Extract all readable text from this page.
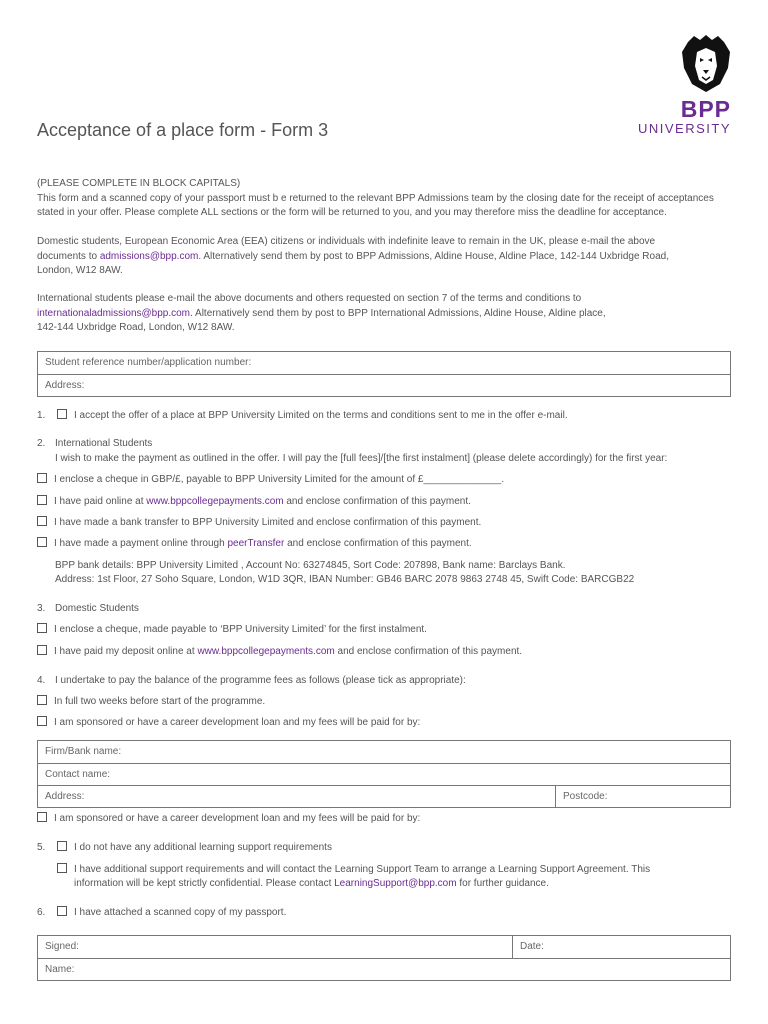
BPP
UNIVERSITY
Acceptance of a place form - Form 3
(PLEASE COMPLETE IN BLOCK CAPITALS)
This form and a scanned copy of your passport must b e returned to the relevant BPP Admissions team by the closing date for the receipt of acceptances
stated in your offer. Please complete ALL sections or the form will be returned to you, and you may therefore miss the deadline for acceptance.
Domestic students, European Economic Area (EEA) citizens or individuals with indefinite leave to remain in the UK, please e-mail the above
documents to admissions@bpp.com. Alternatively send them by post to BPP Admissions, Aldine House, Aldine Place, 142-144 Uxbridge Road,
London, W12 8AW.
International students please e-mail the above documents and others requested on section 7 of the terms and conditions to
internationaladmissions@bpp.com. Alternatively send them by post to BPP International Admissions, Aldine House, Aldine place,
142-144 Uxbridge Road, London, W12 8AW.
Student reference number/application number:
Address:
1.	I accept the offer of a place at BPP University Limited on the terms and conditions sent to me in the offer e-mail.
2. International Students
I wish to make the payment as outlined in the offer. I will pay the [full fees]/[the first instalment] (please delete accordingly) for the first year:
I enclose a cheque in GBP/£, payable to BPP University Limited for the amount of £______________.
I have paid online at www.bppcollegepayments.com and enclose confirmation of this payment.
I have made a bank transfer to BPP University Limited and enclose confirmation of this payment.
I have made a payment online through peerTransfer and enclose confirmation of this payment.
BPP bank details: BPP University Limited , Account No: 63274845, Sort Code: 207898, Bank name: Barclays Bank.
Address: 1st Floor, 27 Soho Square, London, W1D 3QR, IBAN Number: GB46 BARC 2078 9863 2748 45, Swift Code: BARCGB22
3. Domestic Students
I enclose a cheque, made payable to ‘BPP University Limited’ for the first instalment.
I have paid my deposit online at www.bppcollegepayments.com and enclose confirmation of this payment.
4. I undertake to pay the balance of the programme fees as follows (please tick as appropriate):
In full two weeks before start of the programme.
I am sponsored or have a career development loan and my fees will be paid for by:
Firm/Bank name:
Contact name:
Address:	Postcode:
I am sponsored or have a career development loan and my fees will be paid for by:
5.	I do not have any additional learning support requirements
I have additional support requirements and will contact the Learning Support Team to arrange a Learning Support Agreement. This
information will be kept strictly confidential. Please contact LearningSupport@bpp.com for further guidance.
6.	I have attached a scanned copy of my passport.
Signed:	Date:
Name:
